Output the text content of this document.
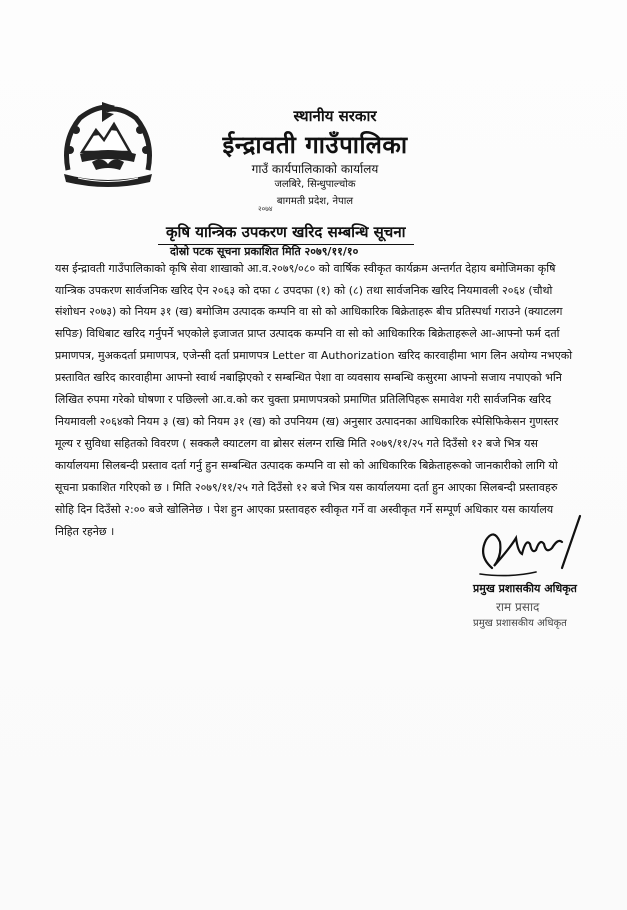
स्थानीय सरकार
ईन्द्रावती गाउँपालिका
गाउँ कार्यपालिकाको कार्यालय
जलबिरे, सिन्धुपाल्चोक
बागमती प्रदेश, नेपाल
२०७४
कृषि यान्त्रिक उपकरण खरिद सम्बन्धि सूचना
दोस्रो पटक सूचना प्रकाशित मिति २०७९/११/१०
यस ईन्द्रावती गाउँपालिकाको कृषि सेवा शाखाको आ.व.२०७९/०८० को वार्षिक स्वीकृत कार्यक्रम अन्तर्गत देहाय बमोजिमका कृषि
यान्त्रिक उपकरण सार्वजनिक खरिद ऐन २०६३ को दफा ८ उपदफा (१) को (८) तथा सार्वजनिक खरिद नियमावली २०६४ (चौथो
संशोधन २०७३) को नियम ३१ (ख) बमोजिम उत्पादक कम्पनि वा सो को आधिकारिक बिक्रेताहरू बीच प्रतिस्पर्धा गराउने (क्याटलग
सपिङ) विधिबाट खरिद गर्नुपर्ने भएकोले इजाजत प्राप्त उत्पादक कम्पनि वा सो को आधिकारिक बिक्रेताहरूले आ-आफ्नो फर्म दर्ता
प्रमाणपत्र, मुअकदर्ता प्रमाणपत्र, एजेन्सी दर्ता प्रमाणपत्र Letter वा Authorization खरिद कारवाहीमा भाग लिन अयोग्य नभएको
प्रस्तावित खरिद कारवाहीमा आफ्नो स्वार्थ नबाझिएको र सम्बन्धित पेशा वा व्यवसाय सम्बन्धि कसुरमा आफ्नो सजाय नपाएको भनि
लिखित रुपमा गरेको घोषणा र पछिल्लो आ.व.को कर चुक्ता प्रमाणपत्रको प्रमाणित प्रतिलिपिहरू समावेश गरी सार्वजनिक खरिद
नियमावली २०६४को नियम ३ (ख) को नियम ३१ (ख) को उपनियम (ख) अनुसार उत्पादनका आधिकारिक स्पेसिफिकेसन गुणस्तर
मूल्य र सुविधा सहितको विवरण ( सक्कलै क्याटलग वा ब्रोसर संलग्न राखि मिति २०७९/११/२५ गते दिउँसो १२ बजे भित्र यस
कार्यालयमा सिलबन्दी प्रस्ताव दर्ता गर्नु हुन सम्बन्धित उत्पादक कम्पनि वा सो को आधिकारिक बिक्रेताहरूको जानकारीको लागि यो
सूचना प्रकाशित गरिएको छ । मिति २०७९/११/२५ गते दिउँसो १२ बजे भित्र यस कार्यालयमा दर्ता हुन आएका सिलबन्दी प्रस्तावहरु
सोहि दिन दिउँसो २:०० बजे खोलिनेछ । पेश हुन आएका प्रस्तावहरु स्वीकृत गर्ने वा अस्वीकृत गर्ने सम्पूर्ण अधिकार यस कार्यालय
निहित रहनेछ ।
प्रमुख प्रशासकीय अधिकृत
राम प्रसाद
प्रमुख प्रशासकीय अधिकृत
